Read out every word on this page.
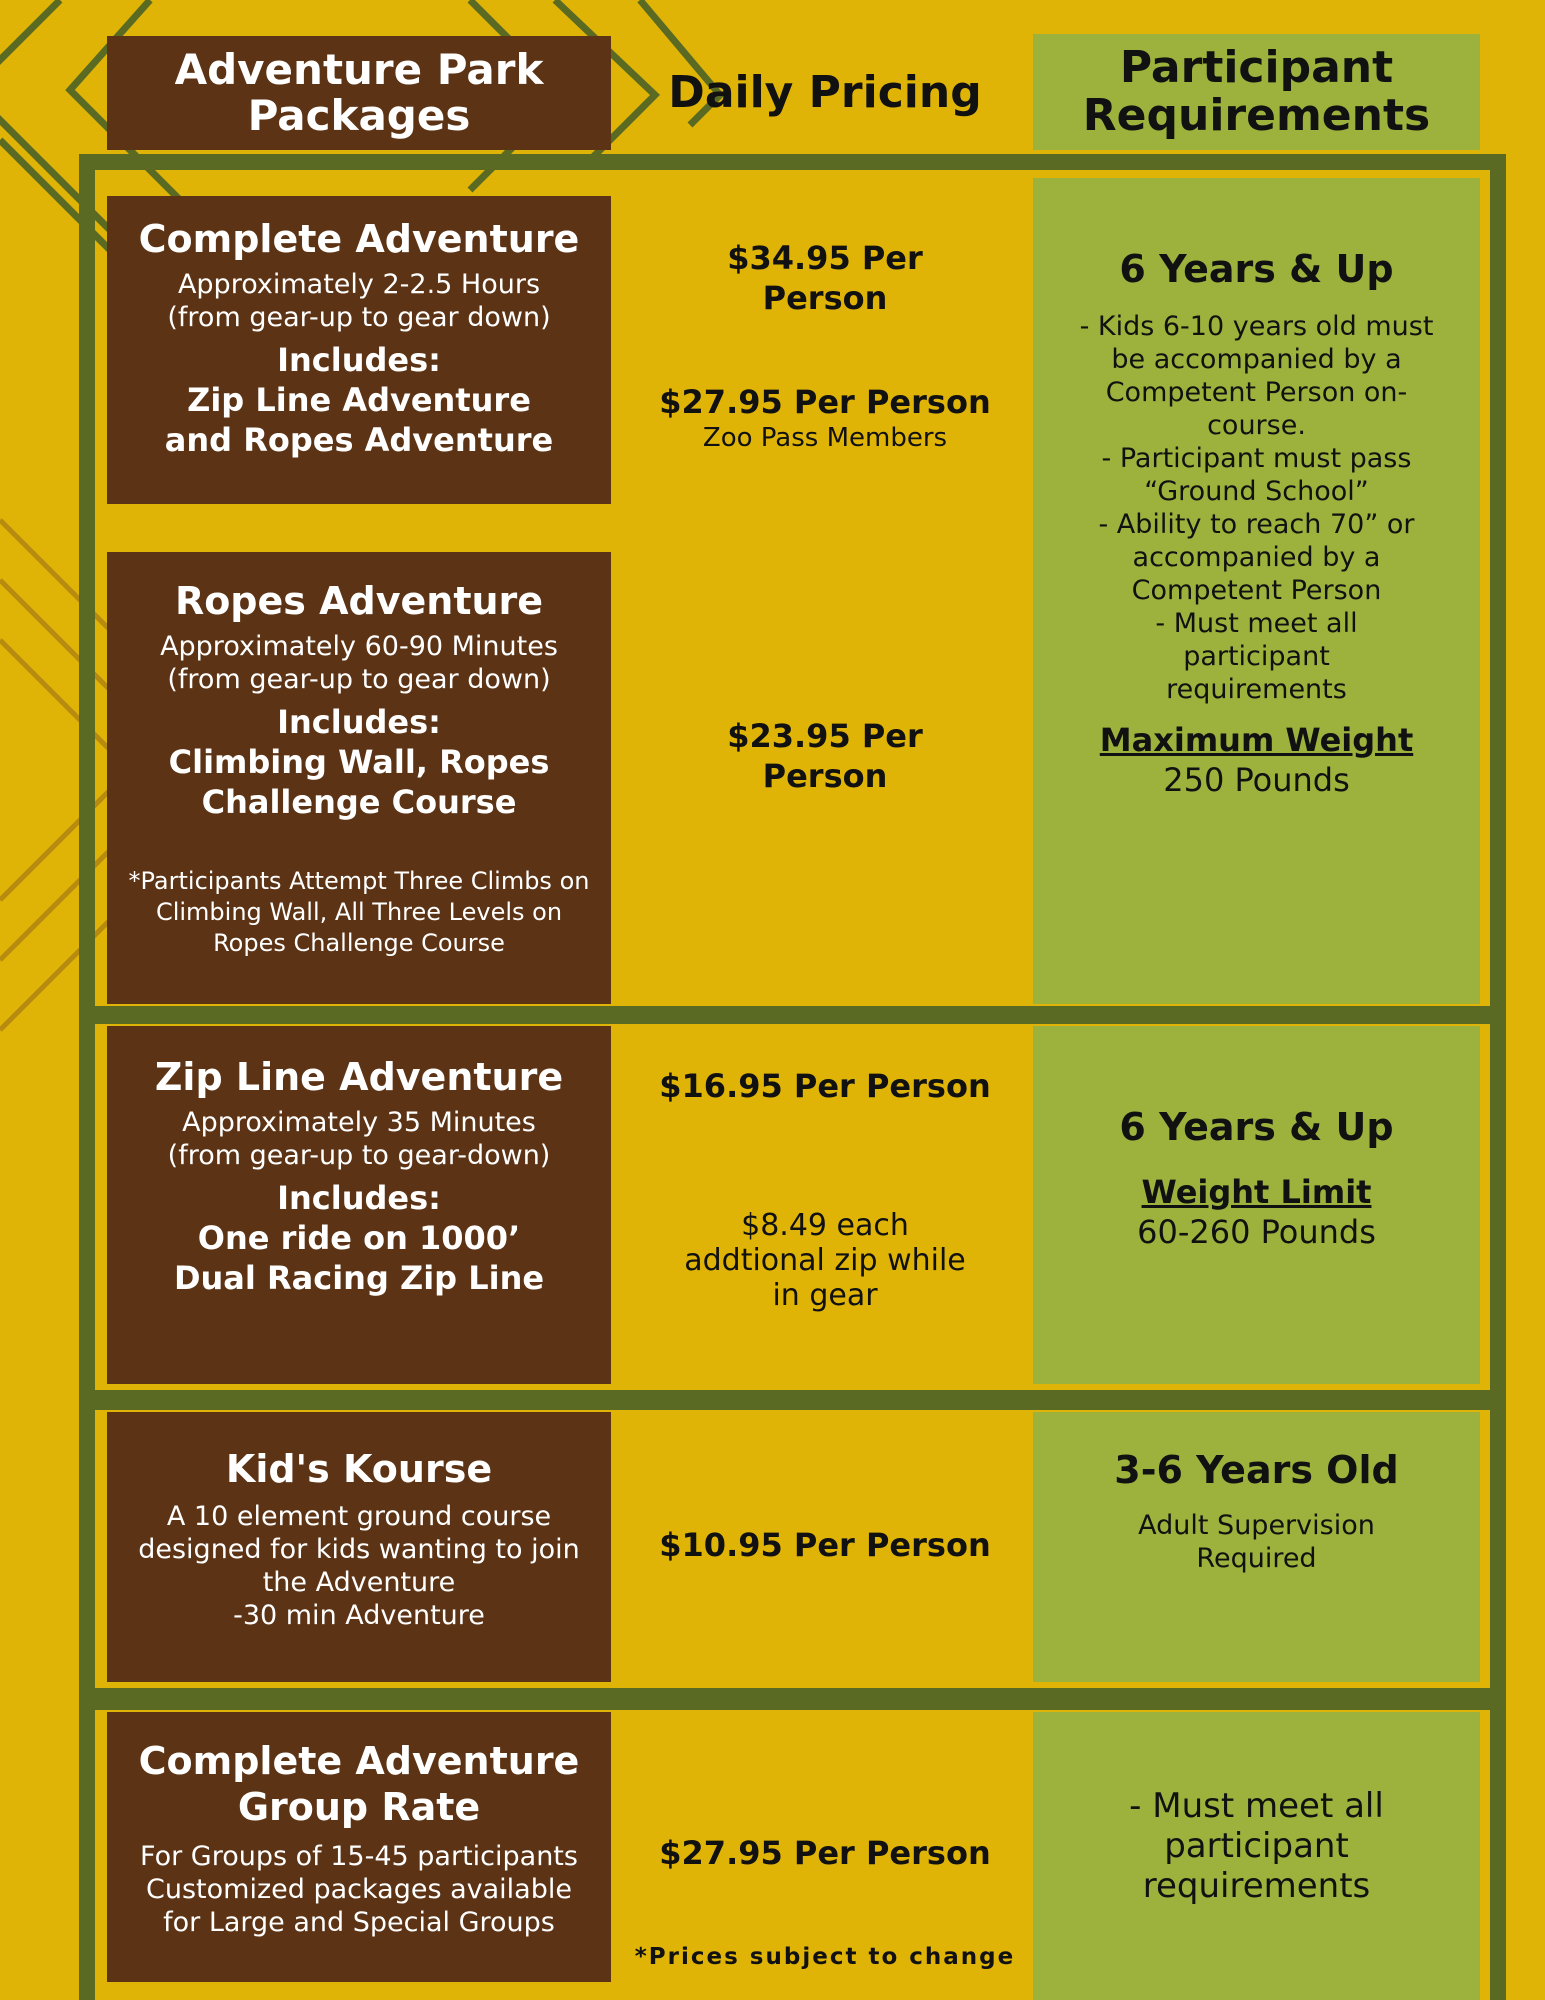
Adventure Park Packages	Daily Pricing	Participant Requirements
Complete Adventure
Approximately 2-2.5 Hours
(from gear-up to gear down)
Includes:
Zip Line Adventure and Ropes Adventure
Ropes Adventure
Approximately 60-90 Minutes
(from gear-up to gear down)
Includes:
Climbing Wall, Ropes Challenge Course
*Participants Attempt Three Climbs on Climbing Wall, All Three Levels on Ropes Challenge Course
Zip Line Adventure
Approximately 35 Minutes
(from gear-up to gear-down)
Includes:
One ride on 1000’ Dual Racing Zip Line
Kid's Kourse
A 10 element ground course designed for kids wanting to join the Adventure
-30 min Adventure
Complete Adventure Group Rate
For Groups of 15-45 participants Customized packages available for Large and Special Groups
$34.95 Per Person
$27.95 Per Person
Zoo Pass Members
$23.95 Per Person
$16.95 Per Person
$8.49 each addtional zip while in gear
$10.95 Per Person
$27.95 Per Person
*Prices subject to change
6 Years & Up
- Kids 6-10 years old must be accompanied by a Competent Person on-course.
- Participant must pass “Ground School”
- Ability to reach 70” or accompanied by a Competent Person
- Must meet all participant requirements
Maximum Weight
250 Pounds
6 Years & Up
Weight Limit
60-260 Pounds
3-6 Years Old
Adult Supervision Required
- Must meet all participant requirements
